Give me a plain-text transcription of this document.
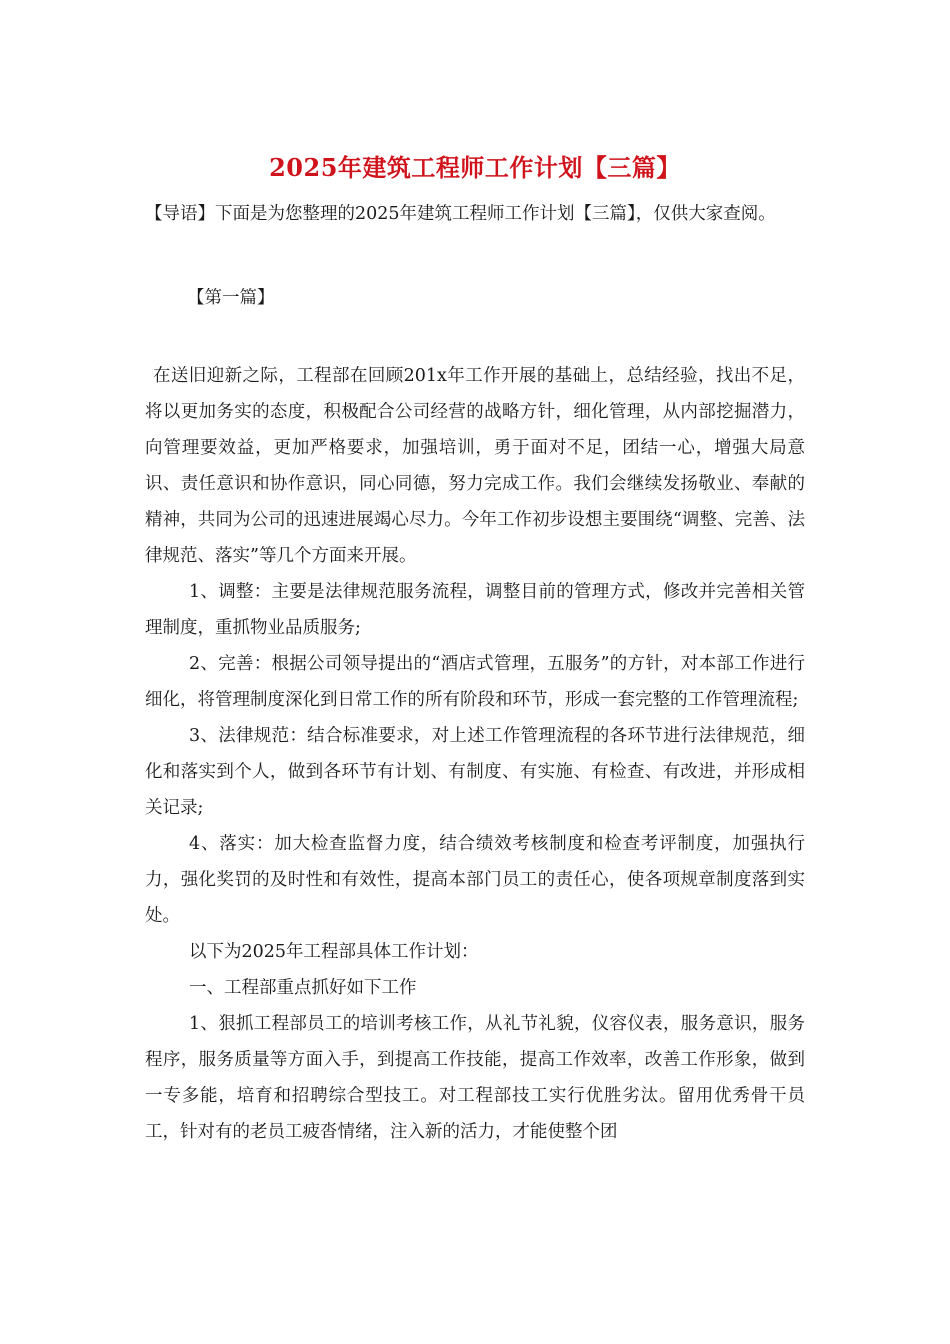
2025年建筑工程师工作计划【三篇】

【导语】下面是为您整理的2025年建筑工程师工作计划【三篇】，仅供大家查阅。

【第一篇】

在送旧迎新之际，工程部在回顾201x年工作开展的基础上，总结经验，找出不足，将以更加务实的态度，积极配合公司经营的战略方针，细化管理，从内部挖掘潜力，向管理要效益，更加严格要求，加强培训，勇于面对不足，团结一心，增强大局意识、责任意识和协作意识，同心同德，努力完成工作。我们会继续发扬敬业、奉献的精神，共同为公司的迅速进展竭心尽力。今年工作初步设想主要围绕“调整、完善、法律规范、落实”等几个方面来开展。

1、调整：主要是法律规范服务流程，调整目前的管理方式，修改并完善相关管理制度，重抓物业品质服务;

2、完善：根据公司领导提出的“酒店式管理，五服务”的方针，对本部工作进行细化，将管理制度深化到日常工作的所有阶段和环节，形成一套完整的工作管理流程;

3、法律规范：结合标准要求，对上述工作管理流程的各环节进行法律规范，细化和落实到个人，做到各环节有计划、有制度、有实施、有检查、有改进，并形成相关记录;

4、落实：加大检查监督力度，结合绩效考核制度和检查考评制度，加强执行力，强化奖罚的及时性和有效性，提高本部门员工的责任心，使各项规章制度落到实处。

以下为2025年工程部具体工作计划：

一、工程部重点抓好如下工作

1、狠抓工程部员工的培训考核工作，从礼节礼貌，仪容仪表，服务意识，服务程序，服务质量等方面入手，到提高工作技能，提高工作效率，改善工作形象，做到一专多能，培育和招聘综合型技工。对工程部技工实行优胜劣汰。留用优秀骨干员工，针对有的老员工疲沓情绪，注入新的活力，才能使整个团
